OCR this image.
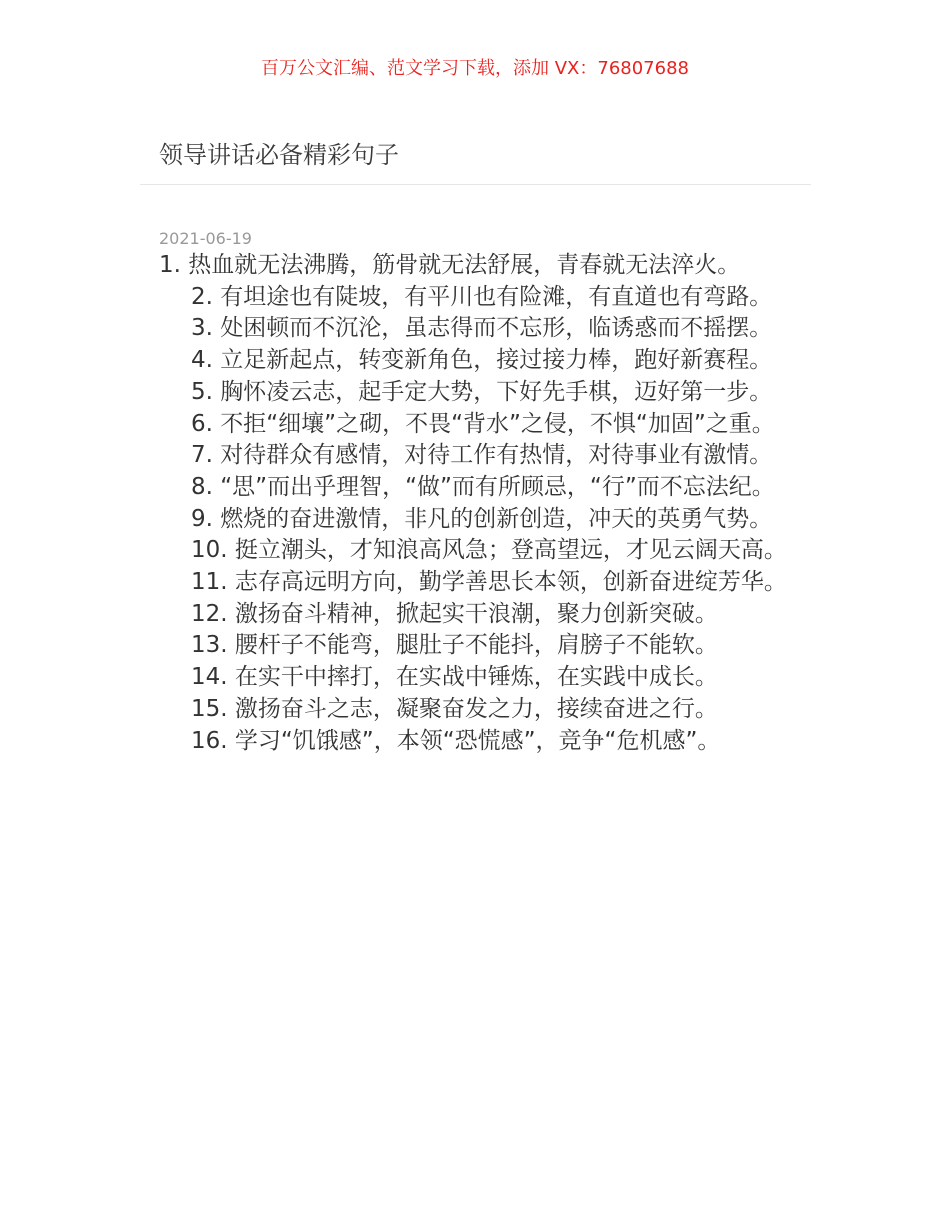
百万公文汇编、范文学习下载，添加 VX：76807688
领导讲话必备精彩句子
2021-06-19

1. 热血就无法沸腾，筋骨就无法舒展，青春就无法淬火。

2. 有坦途也有陡坡，有平川也有险滩，有直道也有弯路。

3. 处困顿而不沉沦，虽志得而不忘形，临诱惑而不摇摆。

4. 立足新起点，转变新角色，接过接力棒，跑好新赛程。

5. 胸怀凌云志，起手定大势，下好先手棋，迈好第一步。

6. 不拒“细壤”之砌，不畏“背水”之侵，不惧“加固”之重。

7. 对待群众有感情，对待工作有热情，对待事业有激情。

8. “思”而出乎理智，“做”而有所顾忌，“行”而不忘法纪。

9. 燃烧的奋进激情，非凡的创新创造，冲天的英勇气势。

10. 挺立潮头，才知浪高风急；登高望远，才见云阔天高。

11. 志存高远明方向，勤学善思长本领，创新奋进绽芳华。

12. 激扬奋斗精神，掀起实干浪潮，聚力创新突破。

13. 腰杆子不能弯，腿肚子不能抖，肩膀子不能软。

14. 在实干中摔打，在实战中锤炼，在实践中成长。

15. 激扬奋斗之志，凝聚奋发之力，接续奋进之行。

16. 学习“饥饿感”，本领“恐慌感”，竞争“危机感”。
